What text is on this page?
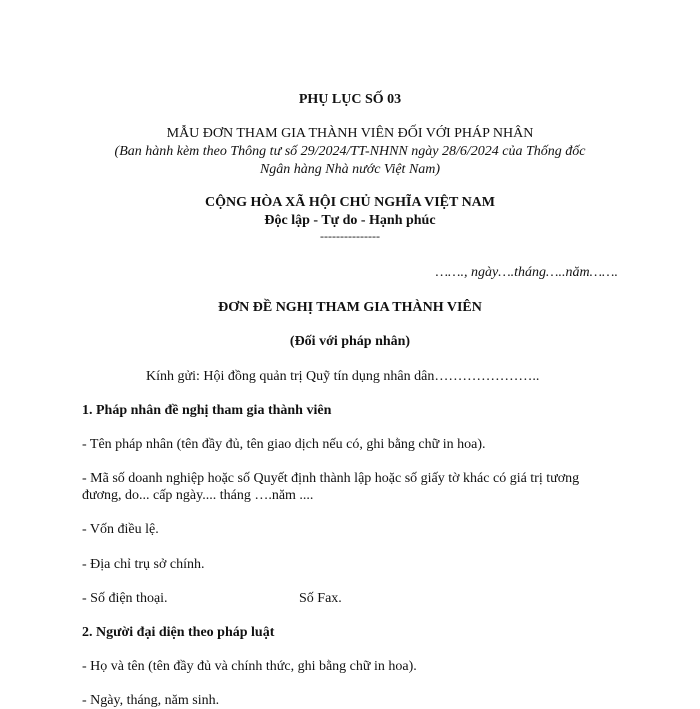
PHỤ LỤC SỐ 03
MẪU ĐƠN THAM GIA THÀNH VIÊN ĐỐI VỚI PHÁP NHÂN
(Ban hành kèm theo Thông tư số 29/2024/TT-NHNN ngày 28/6/2024 của Thống đốc
Ngân hàng Nhà nước Việt Nam)
CỘNG HÒA XÃ HỘI CHỦ NGHĨA VIỆT NAM
Độc lập - Tự do - Hạnh phúc
---------------
……., ngày….tháng…..năm…….
ĐƠN ĐỀ NGHỊ THAM GIA THÀNH VIÊN
(Đối với pháp nhân)
Kính gửi: Hội đồng quản trị Quỹ tín dụng nhân dân…………………..
1. Pháp nhân đề nghị tham gia thành viên
- Tên pháp nhân (tên đầy đủ, tên giao dịch nếu có, ghi bằng chữ in hoa).
- Mã số doanh nghiệp hoặc số Quyết định thành lập hoặc số giấy tờ khác có giá trị tương
đương, do... cấp ngày.... tháng ….năm ....
- Vốn điều lệ.
- Địa chỉ trụ sở chính.
- Số điện thoại.	Số Fax.
2. Người đại diện theo pháp luật
- Họ và tên (tên đầy đủ và chính thức, ghi bằng chữ in hoa).
- Ngày, tháng, năm sinh.
